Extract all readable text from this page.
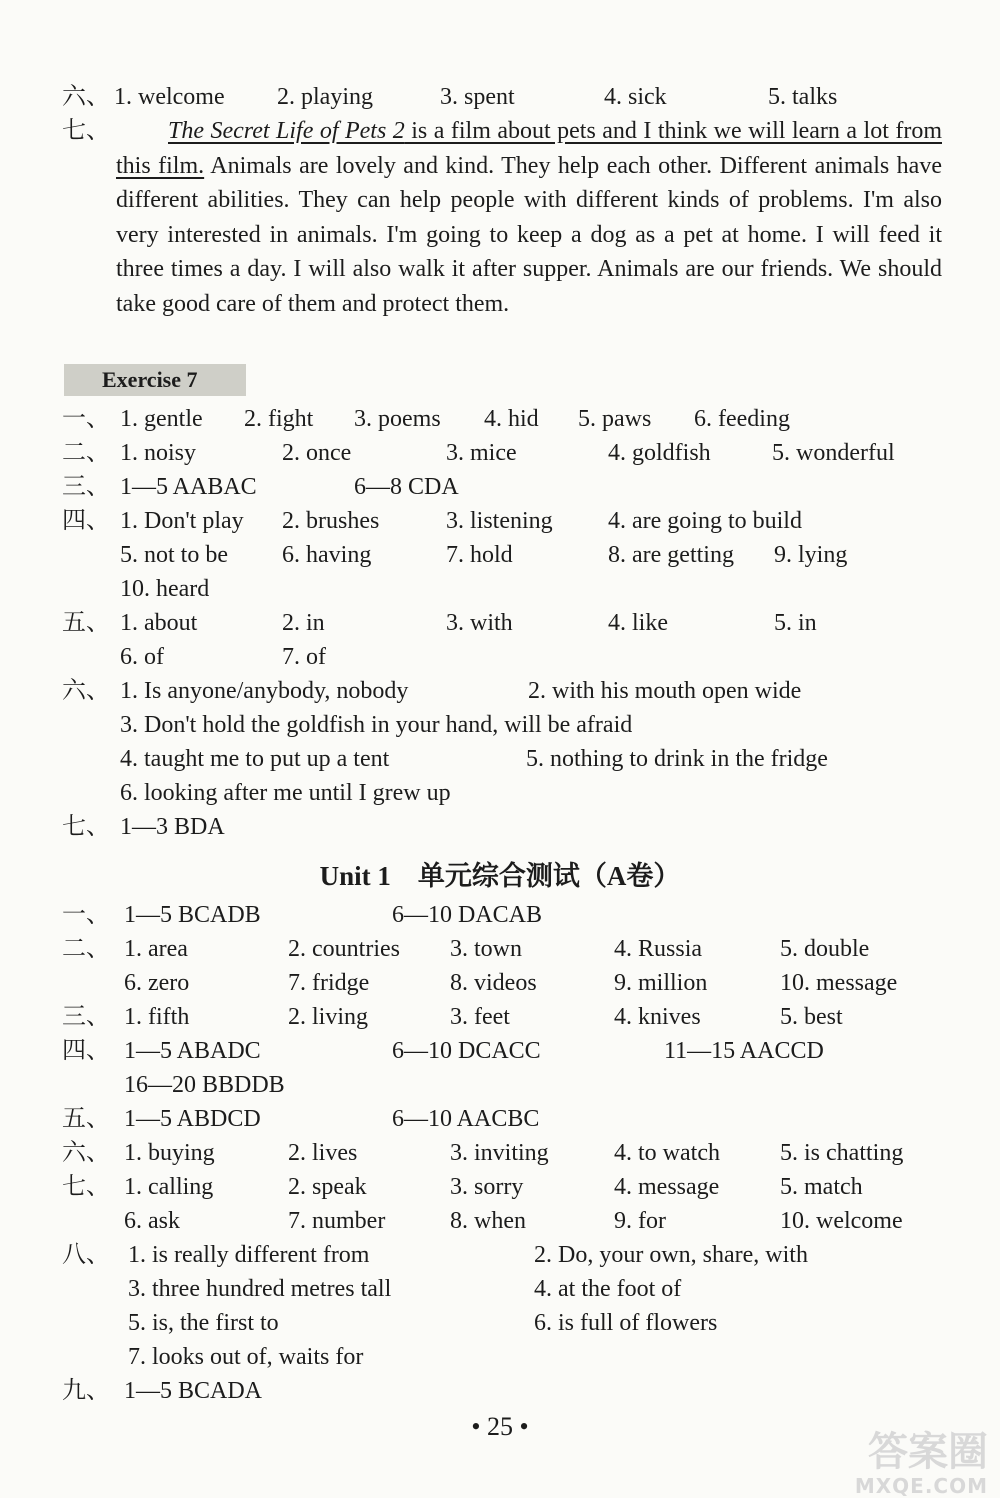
六、 1. welcome 2. playing	3. spent	4. sick	5. talks
七、	The Secret Life of Pets 2 is a film about pets and I think we will learn a lot from this film. Animals are lovely and kind. They help each other. Different animals have different abilities. They can help people with different kinds of problems. I'm also very interested in animals. I'm going to keep a dog as a pet at home. I will feed it three times a day. I will also walk it after supper. Animals are our friends. We should take good care of them and protect them.
Exercise 7
一、 1. gentle 2. fight 3. poems 4. hid 5. paws 6. feeding
二、 1. noisy	2. once	3. mice	4. goldfish	5. wonderful
三、 1—5 AABAC	6—8 CDA
四、 1. Don't play 2. brushes	3. listening 4. are going to build
5. not to be 6. having	7. hold	8. are getting 9. lying
10. heard
五、 1. about	2. in	3. with	4. like	5. in
6. of	7. of
六、 1. Is anyone/anybody, nobody	2. with his mouth open wide
3. Don't hold the goldfish in your hand, will be afraid
4. taught me to put up a tent	5. nothing to drink in the fridge
6. looking after me until I grew up
七、 1—3 BDA
Unit 1　单元综合测试（A卷）
一、 1—5 BCADB	6—10 DACAB
二、 1. area	2. countries 3. town	4. Russia	5. double
6. zero	7. fridge	8. videos	9. million	10. message
三、 1. fifth	2. living	3. feet	4. knives	5. best
四、 1—5 ABADC	6—10 DCACC	11—15 AACCD
16—20 BBDDB
五、 1—5 ABDCD	6—10 AACBC
六、 1. buying	2. lives	3. inviting	4. to watch	5. is chatting
七、 1. calling	2. speak	3. sorry	4. message	5. match
6. ask	7. number	8. when	9. for	10. welcome
八、 1. is really different from	2. Do, your own, share, with
3. three hundred metres tall	4. at the foot of
5. is, the first to	6. is full of flowers
7. looks out of, waits for
九、 1—5 BCADA
• 25 •
答案圈
MXQE.COM
